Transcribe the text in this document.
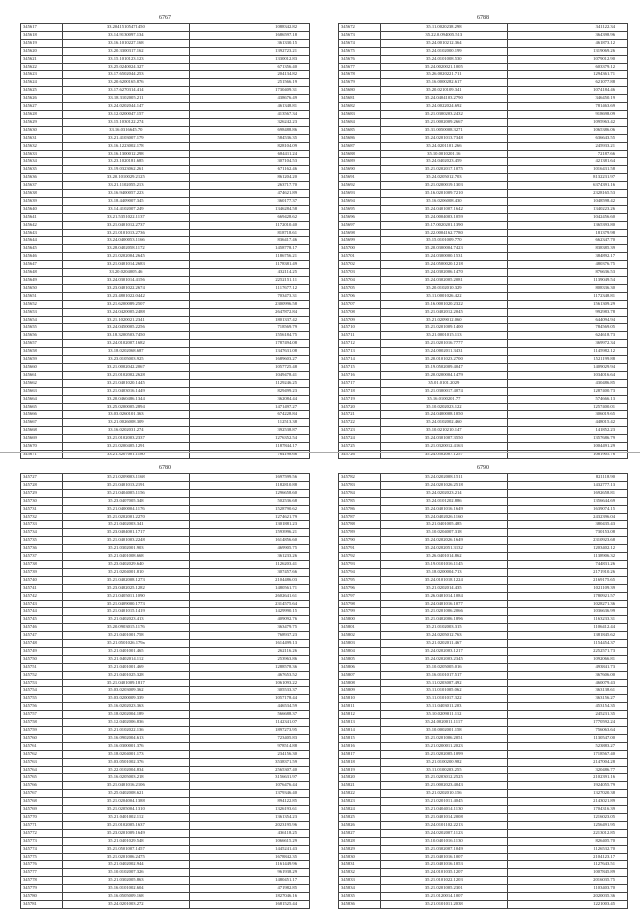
6767
345617	33.20415105471450	1088342.82
345618	33.14.9130097.134	1686597.18
345619	33.16.1010227.168	361330.15
345620	33.20.3300317.162	1392723.21
345621	33.15.1010123.123	1330012.83
345622	33.25.0240024.327	671356.40
345623	33.17.6502044.253	204134.82
345624	33.20.6200165.876	251566.19
345625	33.17.6270314.414	1730409.31
345626	33.18.3102005.211	438676.49
345627	33.24.0202044.147	461348.81
345628	33.12.0200047.157	413567.34
345629	33.15.1030122.274	326242.23
345630	33.16.0316645.70	698488.86
345631	33.21.4103007.179	584536.35
345632	33.16.1223002.178	828104.09
345633	33.16.1300012.298	684411.24
345634	33.23.1020181.685	307104.53
345635	33.19.0323062.261	671162.46
345636	33.20.1010029.2125	861204.20
345637	33.21.1102055.213	263717.70
345638	33.16.9400057.223	474621.89
345639	33.18.4409007.345	360177.37
345640	33.14.4102007.249	1346284.58
345641	33.21.5351022.1137	669428.62
345642	33.21.0401012.2737	1172010.40
345643	33.21.0101013.2736	818718.61
345644	33.24.0400053.1166	836417.46
345645	33.28.0402058.1172	1458778.17
345646	33.21.0202004.2645	1186756.21
345647	33.21.0401014.2683	1178381.49
345648	33.20.0204005.46	432114.25
345649	33.24.0301014.4156	2252151.11
345650	33.23.0401022.2674	1117677.12
345651	33.23.4801022.0442	703473.31
345652	33.21.6200089.2507	2300996.58
345653	33.24.0420005.2488	2647872.84
345654	33.21.1020021.2341	1801337.42
345655	33.24.0450005.2256	718569.79
345656	33.18.3200503.7450	1556184.75
345657	33.24.0102007.1682	1787494.08
345658	33.18.0202068.687	1347631.08
345659	33.23.0105003.925	1689603.27
345660	33.21.0002042.2067	1057725.48
345661	33.21.0102002.2628	1049478.41
345662	33.21.0401020.1445	1129246.25
345663	33.21.0403016.1449	829499.23
345664	33.20.0460486.1344	362084.44
345665	33.25.0200005.2894	1471497.27
345666	33.03.0260101.363	674228.84
345667	33.21.0026008.309	112513.38
345668	33.16.0202031.274	392538.87
345669	33.21.0102003.2337	1276352.54
345670	33.21.0200405.1291	1187844.17
345671	33.21.3207001.1180	764198.66
6788
345672	35.11.0020238.298	341122.34
345673	35.22.0.094005.513	364398.96
345674	35.24.0010212.364	461873.12
345675	35.24.0102000.199	1319069.26
345676	35.24.0101008.530	1079012.90
345677	35.24.0020021.1005	603379.12
345678	35.26.0020221.711	1294361.71
345679	35.16.0000282.617	621077.88
345680	35.20.0210109.341	1074184.46
345681	35.24.0404103.2790	346450.19
345682	35.24.0022024.692	781463.69
345683	35.21.0300203.2432	918698.09
345684	35.21.0002009.2667	1095963.42
345685	35.31.0050008.3271	1065386.06
345686	35.24.0201013.7348	636643.55
345687	35.24.0201101.266	245933.21
345688	35.10.0010201.16	72187.66
345689	35.24.0402023.459	421381.64
345690	35.21.0202017.1075	1016431.58
345691	35.24.0205012.703	8132231.97
345692	35.21.0200019.1303	6374391.16
345693	35.16.0201009.7210	2328165.53
345694	35.16.0206008.430	1048598.42
345695	35.24.0401007.1642	1340223.26
345696	35.24.0004003.1059	1042456.60
345697	35.17.0020201.1390	1365393.80
345698	35.22.0004162.7780	181379.98
345699	35.15.0101009.770	662347.70
345700	35.20.0300004.7423	838385.39
345701	35.24.0300000.1531	384892.17
345702	35.24.0500020.1218	480376.75
345703	35.24.0302006.1470	876636.53
345704	35.24.0302005.2081	1139049.54
345705	35.20.0102010.329	808336.30
345706	35.11.0001026.422	1172348.81
345707	35.16.0001020.2322	1561309.29
345708	35.21.0402012.2045	992983.78
345709	35.21.0209012.060	644094.94
345710	35.21.0201009.1400	784569.05
345711	35.21.0001015.113	624618.73
345712	35.21.0201016.7777	369972.34
345713	35.24.0002011.3431	1145982.12
345714	35.20.0101023.2700	1521199.88
345715	35.19.0502009.4047	1409029.94
345716	35.20.0200004.1479	1034016.64
345717	35.01.0101.2029	430486.85
345718	35.21.0300017.4074	1287400.73
345719	35.16.0100201.77	574666.13
345720	35.10.0202023.122	1257400.01
345721	35.24.0400008.1050	306019.65
345722	35.24.0102002.460	448015.42
345723	35.10.0210210.147	141852.23
345724	35.24.0301007.3550	1357686.79
345725	35.21.0320012.4163	1004491.29
345726	35.24.0502007.1257	1081905.76
6780
345727	35.21.0209003.1168	1697599.56
345728	35.21.0401013.2191	1182810.88
345729	35.21.0404005.1156	1296658.60
345730	35.23.0407005.348	502536.68
345731	35.21.0400004.1176	1528790.62
345732	35.21.0202001.2270	1274621.79
345733	35.21.0402003.341	1301881.23
345734	35.23.0404001.1717	1593996.21
345735	35.21.0401003.2248	1614856.60
345736	35.21.0302001.903	469905.75
345737	35.21.0401008.668	361233.26
345738	35.23.0402029.640	1126203.41
345739	35.21.0204001.810	307457.66
345740	35.21.0402008.1273	2104486.03
345741	35.23.0402025.1282	1480561.71
345742	35.21.0405011.1090	2602641.61
345743	35.21.0409000.1773	2314575.64
345744	35.21.0401015.1419	1429990.15
345745	35.21.0402023.413	409092.76
345746	35.20.0903015.1176	363479.75
345747	35.21.0401001.758	768937.23
345748	35.21.0501026.179a	1614499.13
345749	35.21.0401001.465	262116.26
345750	35.21.0402014.112	253963.86
345751	35.21.0401001.469	1288578.36
345752	35.21.0401025.328	467653.52
345753	35.21.0401009.1817	1061093.22
345754	35.03.0203009.362	305533.37
345755	35.03.0200009.339	1057178.44
345756	35.16.0202023.363	446534.59
345757	35.18.0202004.189	566688.37
345758	35.12.0402006.836	1142341.07
345759	35.21.0102022.136	1897273.95
345760	35.16.0902004.613	723405.83
345761	35.16.0300001.376	978514.88
345762	35.18.0204001.173	234156.30
345763	35.03.0501002.376	3538371.59
345764	35.22.0102004.834	2565307.40
345765	35.16.0205003.218	3156631.97
345766	35.21.0401016.2106	1076476.44
345767	35.25.0402008.621	1379346.40
345768	35.21.0204004.1388	894122.85
345769	35.21.0205004.1310	1326193.61
345770	35.21.0401002.112	1361354.23
345771	35.21.0102005.1637	2023195.96
345772	35.23.0201009.1649	436118.25
345773	35.21.0401029.548	1066615.29
345774	35.21.0501007.1457	1445241.43
345775	35.21.0201006.2475	1678842.35
345776	35.21.0402002.944	1161449.96
345777	35.10.0102007.326	961938.29
345778	35.21.0302005.863	1480451.17
345779	35.16.0101002.604	471982.85
345780	35.16.0505009.168	1827046.16
345781	35.24.0201003.272	1681525.44
6790
345782	35.24.0202008.1511	821118.90
345783	35.24.0201026.2518	1432777.13
345784	35.24.0202023.214	1692658.81
345785	35.24.0101202.886	1356644.69
345786	35.24.0401016.1649	1639074.15
345787	35.24.0402026.1160	2432396.04
345788	35.21.0401005.485	380435.43
345789	35.10.0204007.318	730153.08
345790	35.24.0202026.1649	2310923.68
345791	35.24.0202051.3132	1203402.12
345792	35.26.0401014.862	1138906.32
345793	35.19.0101016.1145	744831.26
345794	35.18.0200004.713	2171910.26
345795	35.24.0101018.1224	2169175.65
345796	35.21.0202014.435	1021109.39
345797	35.26.0401014.1084	1780921.57
345798	35.24.0401016.1077	1028271.36
345799	35.21.0201006.2066	1036636.99
345800	35.21.0402006.1896	1163233.31
345801	35.21.0102003.315	1106412.44
345802	35.24.0205012.763	1381845.62
345803	35.21.0202011.467	1154454.37
345804	35.24.0202003.1217	2252571.73
345805	35.24.0202003.2345	1092066.81
345806	35.10.0205005.016	493841.73
345807	35.16.0101017.517	367606.00
345808	35.11.0203007.492	460079.43
345809	35.11.0101005.062	363138.61
345810	35.11.0101017.322	363156.27
345811	35.11.0403011.203	453154.35
345812	35.10.0209011.112	245231.35
345813	35.24.0020011.1117	1770592.24
345814	35.10.0002001.158	756063.64
345815	35.21.0201006.2051	1130547.00
345816	35.21.0200011.2023	523883.27
345817	35.21.0202005.1099	1718567.40
345818	35.21.0100200.982	2147004.28
345819	35.11.0100203.255	320486.77
345820	35.21.0203012.2525	2102391.16
345821	35.21.0002023.4043	1924055.79
345822	35.21.0202010.156	1327020.38
345823	35.21.0201011.4045	2143021.89
345824	35.21.0404014.1130	1704316.39
345825	35.21.0401014.2008	1216023.05
345826	35.24.0101102.2213	1256491.95
345827	35.24.0202007.1123	2213012.85
345828	35.10.0401016.1130	826405.70
345829	35.21.0302007.1049	1126532.70
345830	35.21.0401016.1007	2104123.17
345831	35.21.0401016.1053	1127643.51
345832	35.24.0101035.1207	1007845.89
345833	35.21.0101022.1203	2016035.75
345834	35.21.0201005.2301	1103403.70
345835	35.21.0120014.1007	2020035.36
345836	35.21.0101011.2038	1221003.45
